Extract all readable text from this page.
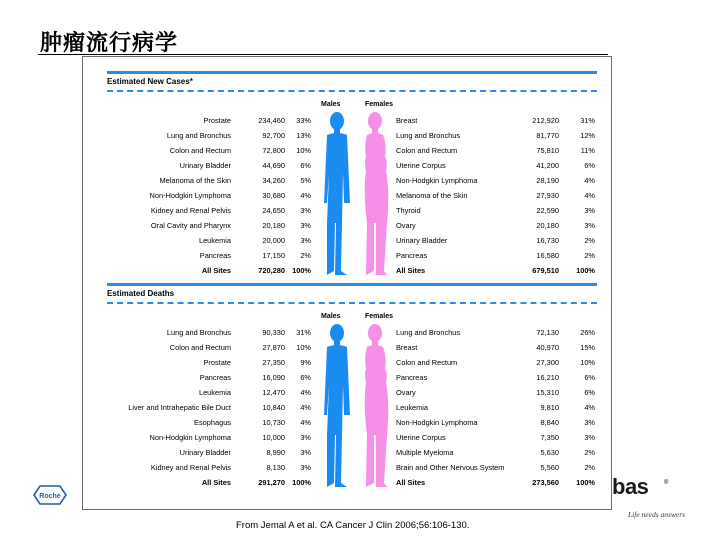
肿瘤流行病学
Estimated New Cases*
Males	Females
Prostate	234,460 33%	Breast	212,920	31%
Lung and Bronchus	92,700 13%	Lung and Bronchus	81,770	12%
Colon and Rectum	72,800 10%	Colon and Rectum	75,810	11%
Urinary Bladder	44,690 6%	Uterine Corpus	41,200	6%
Melanoma of the Skin	34,260 5%	Non-Hodgkin Lymphoma	28,190	4%
Non-Hodgkin Lymphoma	30,680 4%	Melanoma of the Skin	27,930	4%
Kidney and Renal Pelvis	24,650 3%	Thyroid	22,590	3%
Oral Cavity and Pharynx	20,180 3%	Ovary	20,180	3%
Leukemia	20,000 3%	Urinary Bladder	16,730	2%
Pancreas	17,150 2%	Pancreas	16,580	2%
All Sites	720,280 100%	All Sites	679,510 100%
Estimated Deaths
Males	Females
Lung and Bronchus	90,330 31%	Lung and Bronchus	72,130	26%
Colon and Rectum	27,870 10%	Breast	40,970	15%
Prostate	27,350 9%	Colon and Rectum	27,300	10%
Pancreas	16,090 6%	Pancreas	16,210	6%
Leukemia	12,470 4%	Ovary	15,310	6%
Liver and Intrahepatic Bile Duct	10,840 4%	Leukemia	9,810	4%
Esophagus	10,730 4%	Non-Hodgkin Lymphoma	8,840	3%
Non-Hodgkin Lymphoma	10,000 3%	Uterine Corpus	7,350	3%
Urinary Bladder	8,990 3%	Multiple Myeloma	5,630	2%
Kidney and Renal Pelvis	8,130 3%	Brain and Other Nervous System	5,560	2%
All Sites	291,270 100%	All Sites	273,560 100%
Roche	bas	®
Life needs answers
From Jemal A et al. CA Cancer J Clin 2006;56:106-130.
